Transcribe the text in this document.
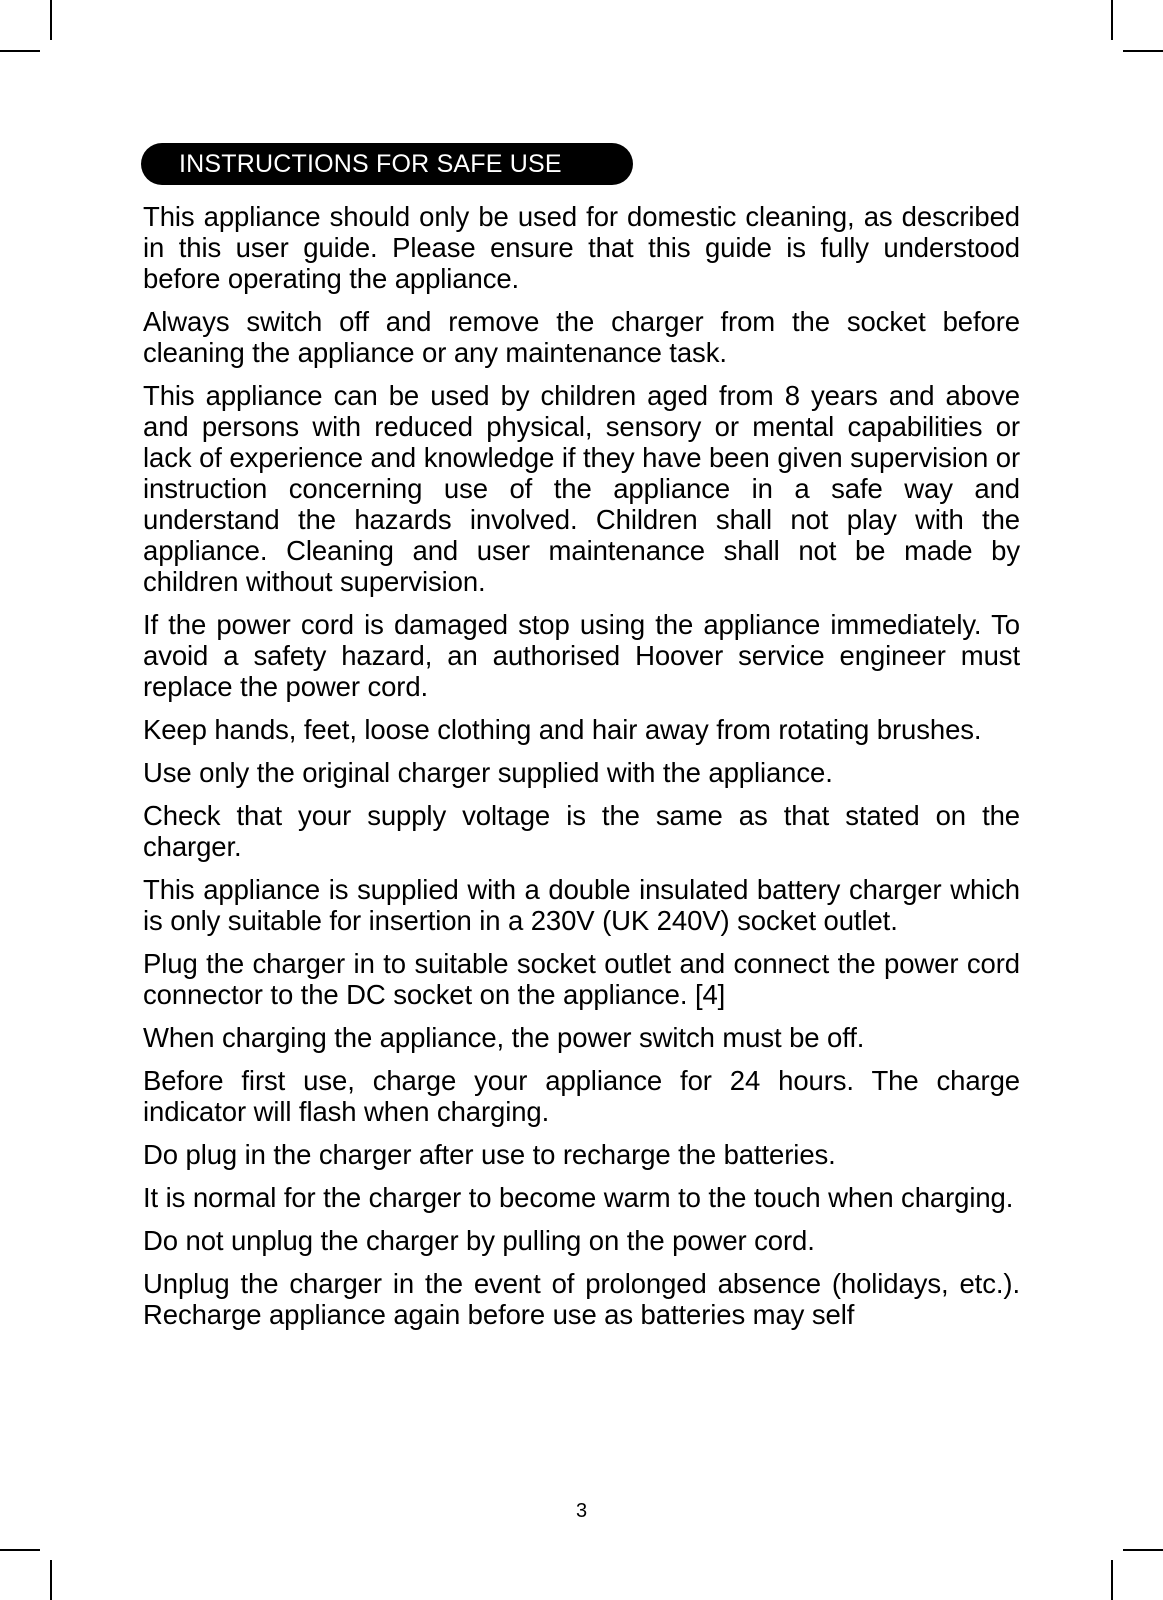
INSTRUCTIONS FOR SAFE USE

This appliance should only be used for domestic cleaning, as described in this user guide. Please ensure that this guide is fully understood before operating the appliance.

Always switch off and remove the charger from the socket before cleaning the appliance or any maintenance task.

This appliance can be used by children aged from 8 years and above and persons with reduced physical, sensory or mental capabilities or lack of experience and knowledge if they have been given supervision or instruction concerning use of the appliance in a safe way and understand the hazards involved. Children shall not play with the appliance. Cleaning and user maintenance shall not be made by children without supervision.

If the power cord is damaged stop using the appliance immediately. To avoid a safety hazard, an authorised Hoover service engineer must replace the power cord.

Keep hands, feet, loose clothing and hair away from rotating brushes.

Use only the original charger supplied with the appliance.

Check that your supply voltage is the same as that stated on the charger.

This appliance is supplied with a double insulated battery charger which is only suitable for insertion in a 230V (UK 240V) socket outlet.

Plug the charger in to suitable socket outlet and connect the power cord connector to the DC socket on the appliance. [4]

When charging the appliance, the power switch must be off.

Before first use, charge your appliance for 24 hours. The charge indicator will flash when charging.

Do plug in the charger after use to recharge the batteries.

It is normal for the charger to become warm to the touch when charging.

Do not unplug the charger by pulling on the power cord.

Unplug the charger in the event of prolonged absence (holidays, etc.). Recharge appliance again before use as batteries may self

3
